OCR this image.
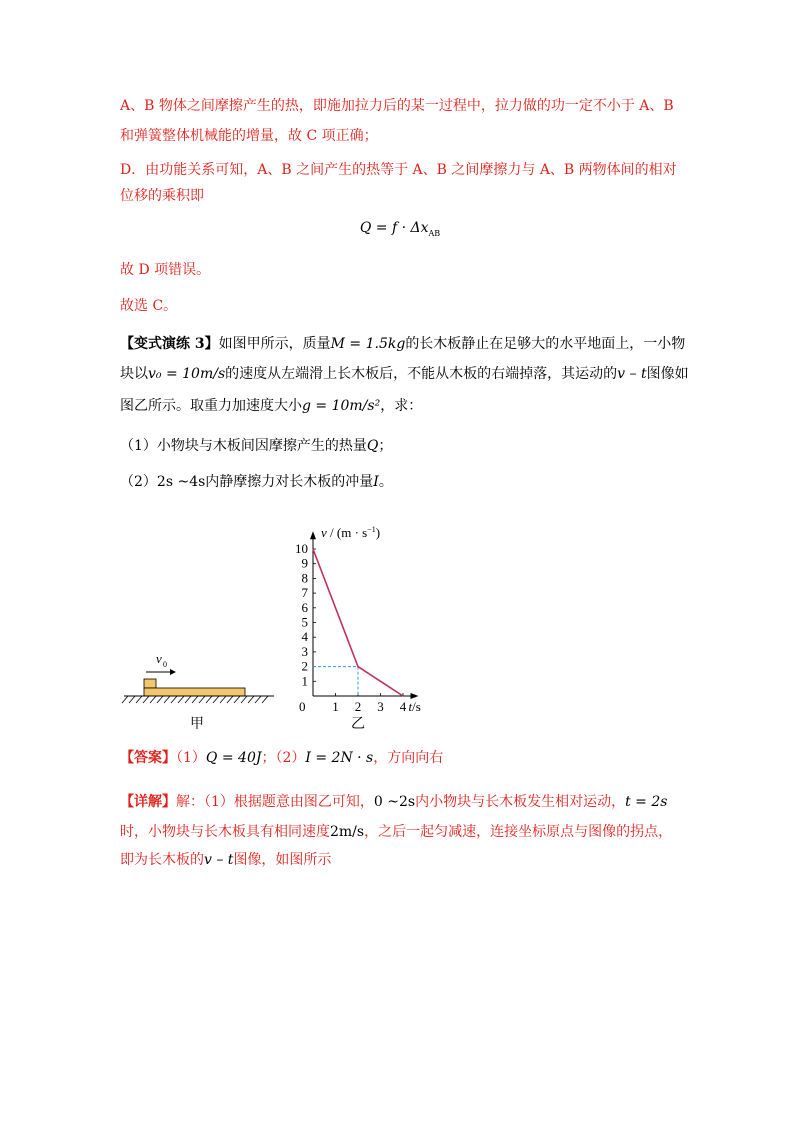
A、B 物体之间摩擦产生的热，即施加拉力后的某一过程中，拉力做的功一定不小于 A、B
和弹簧整体机械能的增量，故 C 项正确；
D．由功能关系可知，A、B 之间产生的热等于 A、B 之间摩擦力与 A、B 两物体间的相对
位移的乘积即
$Q = f \cdot \Delta x_{AB}$
故 D 项错误。
故选 C。
【变式演练 3】如图甲所示，质量M = 1.5kg的长木板静止在足够大的水平地面上，一小物
块以v₀ = 10m/s的速度从左端滑上长木板后，不能从木板的右端掉落，其运动的v – t图像如
图乙所示。取重力加速度大小g = 10m/s²，求：
（1）小物块与木板间因摩擦产生的热量Q；
（2）2s ~4s内静摩擦力对长木板的冲量I。
v 0
甲
1
2
3
4
5
6
7
8
9
10
1 2 3 4
0
$v / (m \cdot s^{-1})$
t/s
乙
【答案】（1）Q = 40J；（2）I = 2N · s，方向向右
【详解】解：（1）根据题意由图乙可知，0 ~2s内小物块与长木板发生相对运动，t = 2s
时，小物块与长木板具有相同速度2m/s，之后一起匀减速，连接坐标原点与图像的拐点，
即为长木板的v – t图像，如图所示
